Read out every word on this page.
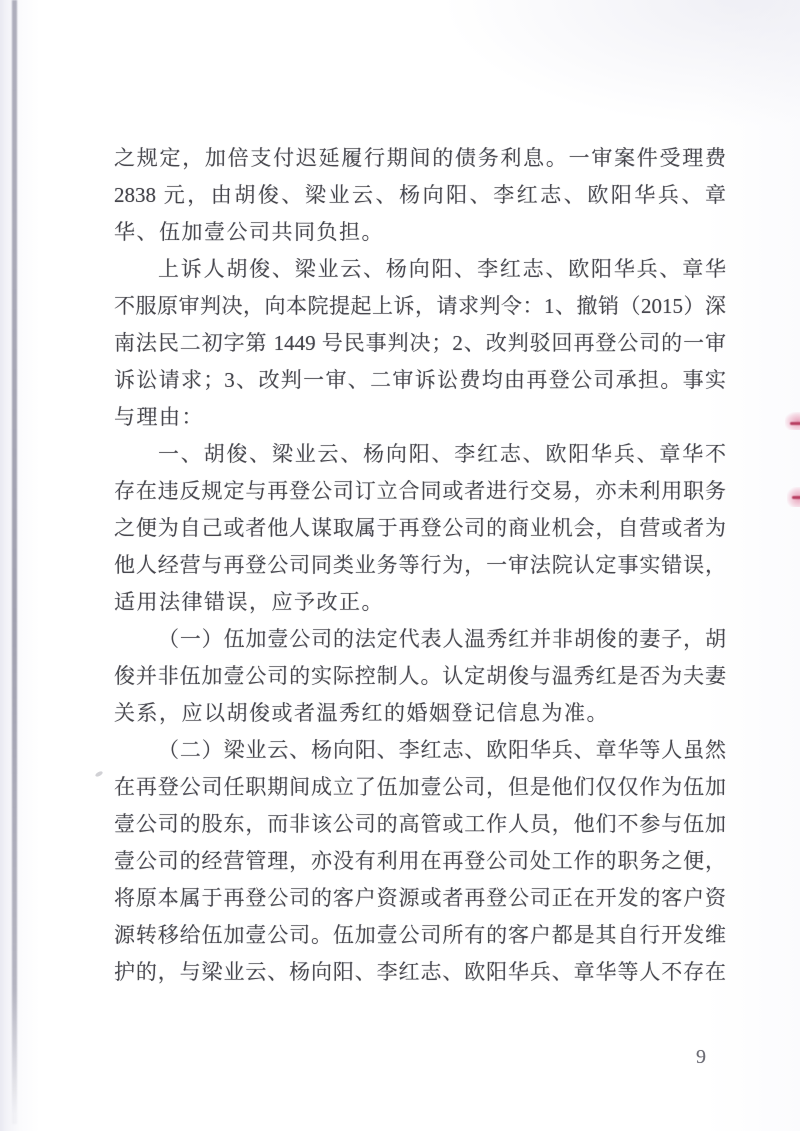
之规定，加倍支付迟延履行期间的债务利息。一审案件受理费
2838 元，由胡俊、梁业云、杨向阳、李红志、欧阳华兵、章
华、伍加壹公司共同负担。
上诉人胡俊、梁业云、杨向阳、李红志、欧阳华兵、章华
不服原审判决，向本院提起上诉，请求判令：1、撤销（2015）深
南法民二初字第 1449 号民事判决；2、改判驳回再登公司的一审
诉讼请求；3、改判一审、二审诉讼费均由再登公司承担。事实
与理由：
一、胡俊、梁业云、杨向阳、李红志、欧阳华兵、章华不
存在违反规定与再登公司订立合同或者进行交易，亦未利用职务
之便为自己或者他人谋取属于再登公司的商业机会，自营或者为
他人经营与再登公司同类业务等行为，一审法院认定事实错误，
适用法律错误，应予改正。
（一）伍加壹公司的法定代表人温秀红并非胡俊的妻子，胡
俊并非伍加壹公司的实际控制人。认定胡俊与温秀红是否为夫妻
关系，应以胡俊或者温秀红的婚姻登记信息为准。
（二）梁业云、杨向阳、李红志、欧阳华兵、章华等人虽然
在再登公司任职期间成立了伍加壹公司，但是他们仅仅作为伍加
壹公司的股东，而非该公司的高管或工作人员，他们不参与伍加
壹公司的经营管理，亦没有利用在再登公司处工作的职务之便，
将原本属于再登公司的客户资源或者再登公司正在开发的客户资
源转移给伍加壹公司。伍加壹公司所有的客户都是其自行开发维
护的，与梁业云、杨向阳、李红志、欧阳华兵、章华等人不存在
9
